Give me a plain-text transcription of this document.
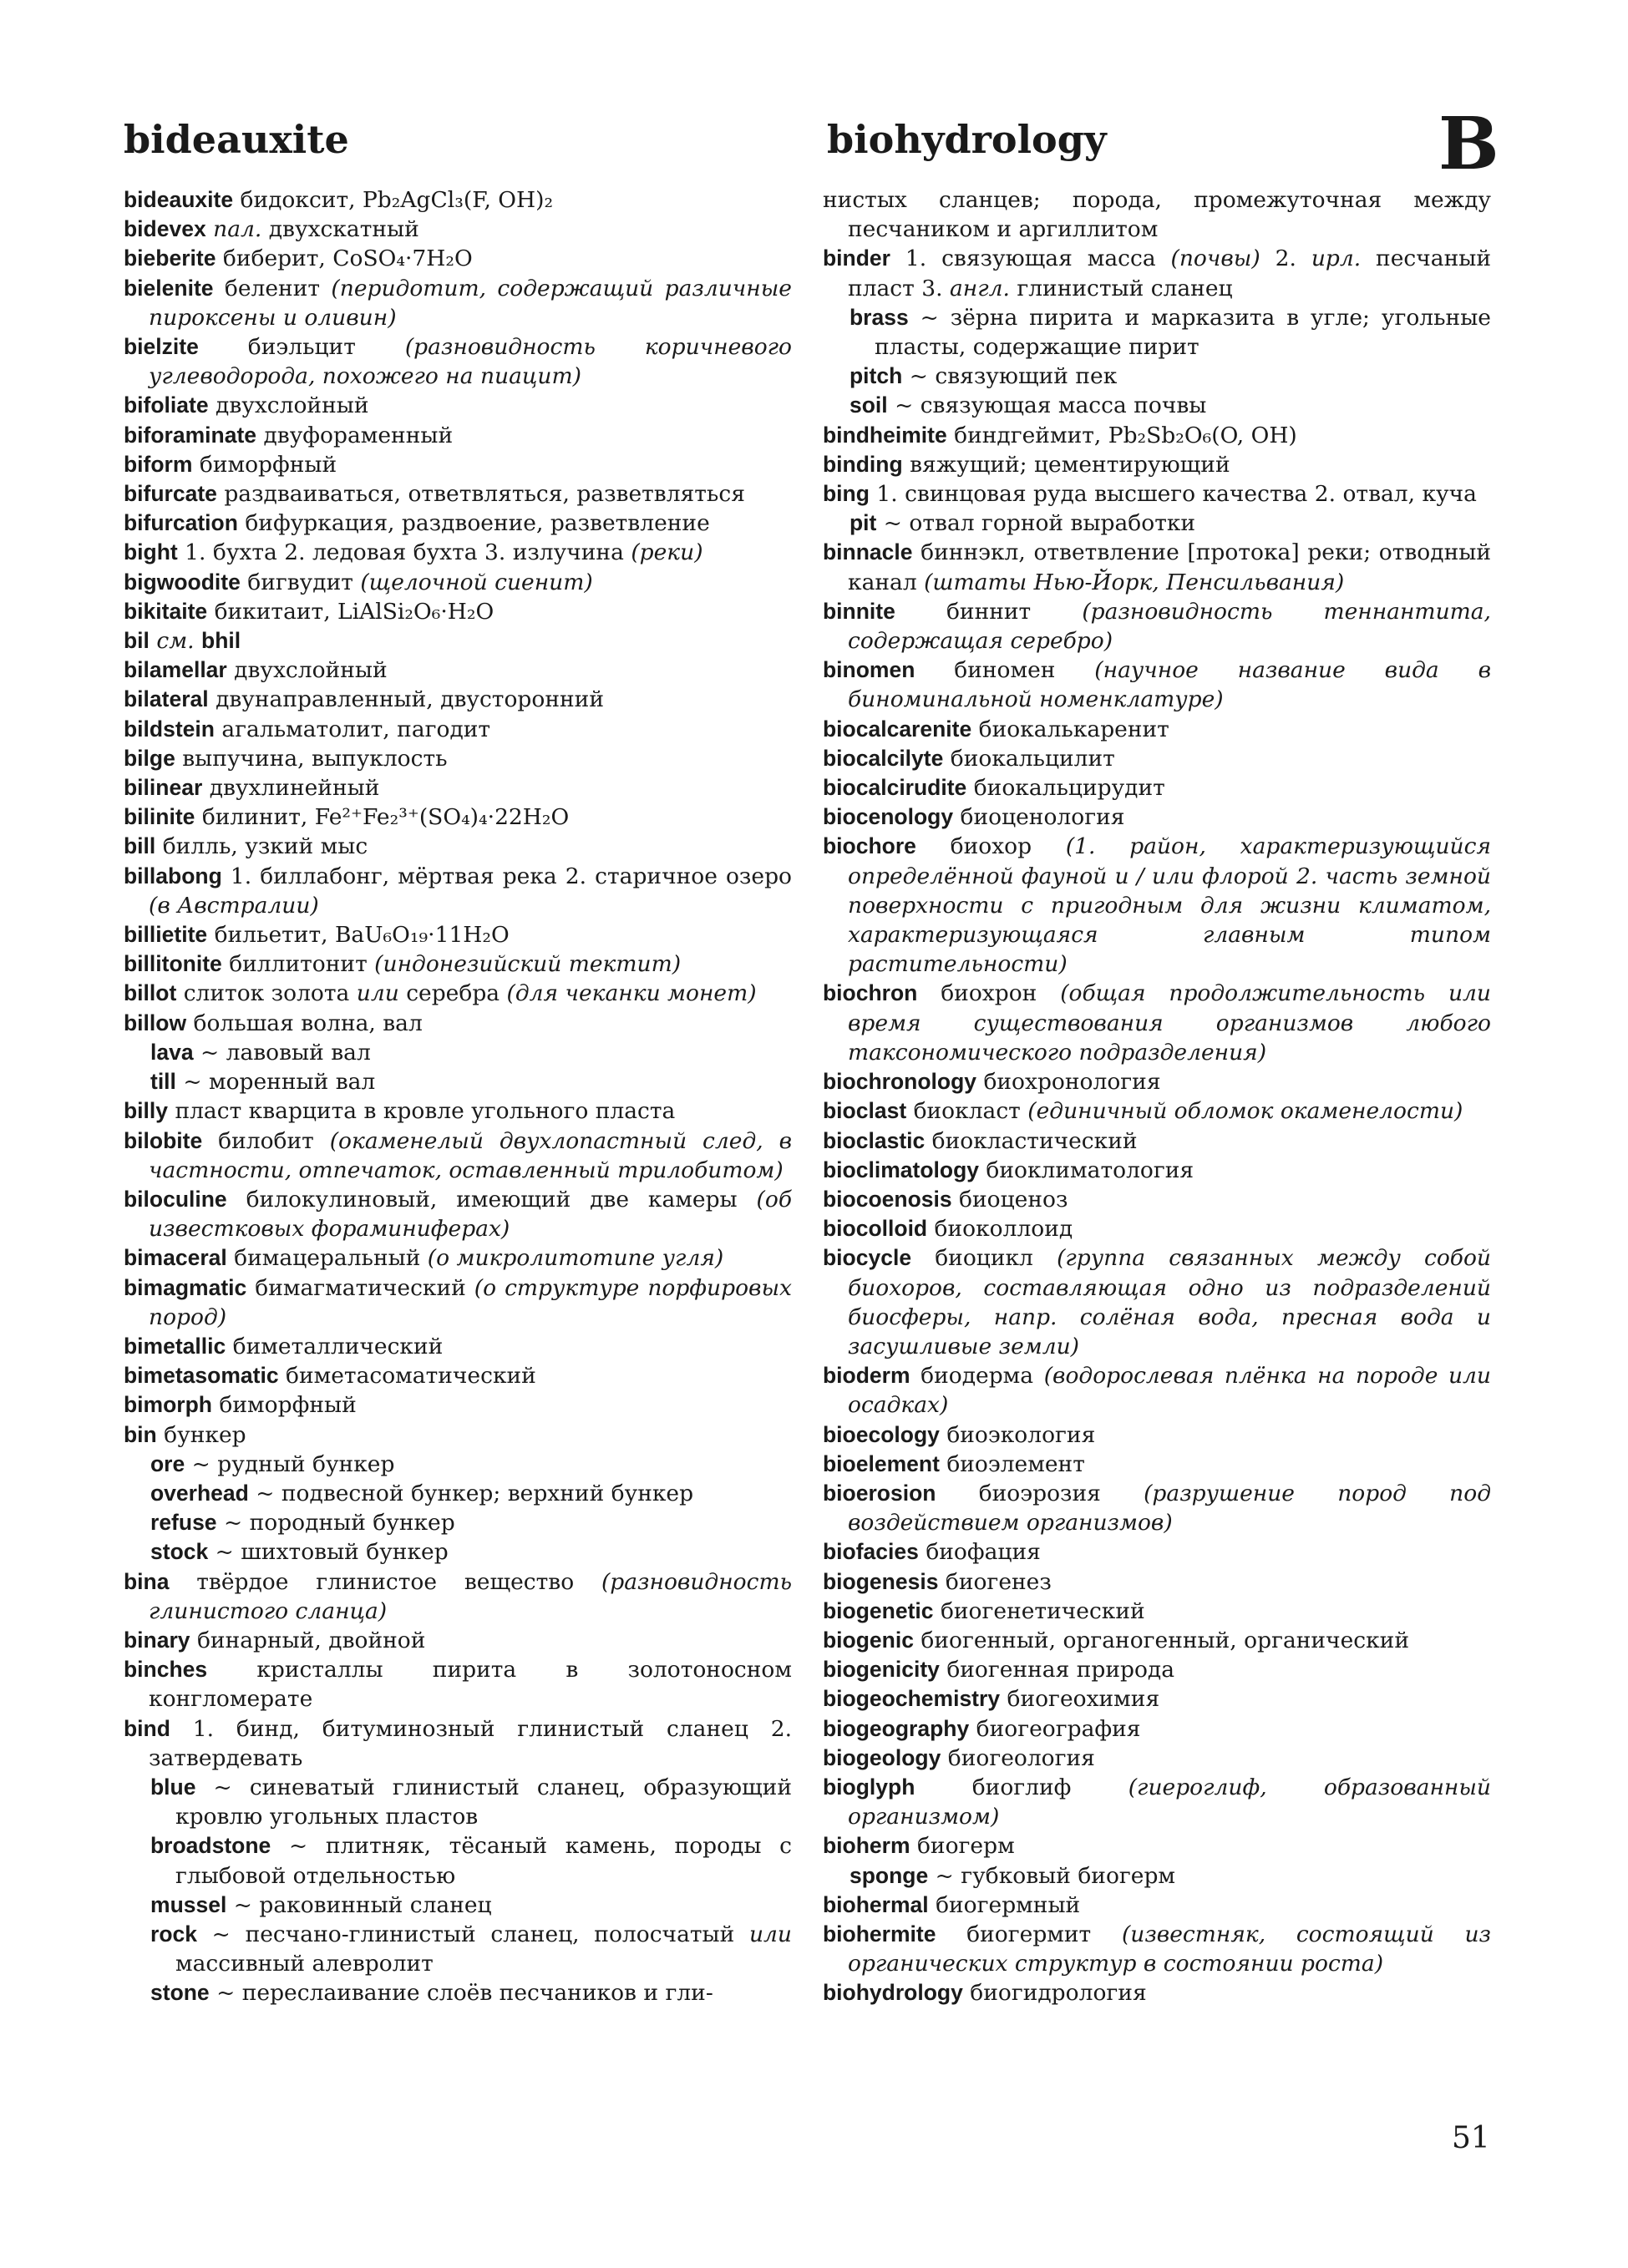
bideauxite	biohydrology	B
bideauxite бидоксит, Pb₂AgCl₃(F, OH)₂
bidevex пал. двухскатный
bieberite биберит, CoSO₄·7H₂O
bielenite беленит (перидотит, содержащий различные пироксены и оливин)
bielzite биэльцит (разновидность коричневого углеводорода, похожего на пиацит)
bifoliate двухслойный
biforaminate двуфораменный
biform биморфный
bifurcate раздваиваться, ответвляться, разветвляться
bifurcation бифуркация, раздвоение, разветвление
bight 1. бухта 2. ледовая бухта 3. излучина (реки)
bigwoodite бигвудит (щелочной сиенит)
bikitaite бикитаит, LiAlSi₂O₆·H₂O
bil см. bhil
bilamellar двухслойный
bilateral двунаправленный, двусторонний
bildstein агальматолит, пагодит
bilge выпучина, выпуклость
bilinear двухлинейный
bilinite билинит, Fe²⁺Fe₂³⁺(SO₄)₄·22H₂O
bill билль, узкий мыс
billabong 1. биллабонг, мёртвая река 2. старичное озеро (в Австралии)
billietite бильетит, BaU₆O₁₉·11H₂O
billitonite биллитонит (индонезийский тектит)
billot слиток золота или серебра (для чеканки монет)
billow большая волна, вал
lava ~ лавовый вал
till ~ моренный вал
billy пласт кварцита в кровле угольного пласта
bilobite билобит (окаменелый двухлопастный след, в частности, отпечаток, оставленный трилобитом)
biloculine билокулиновый, имеющий две камеры (об известковых фораминиферах)
bimaceral бимацеральный (о микролитотипе угля)
bimagmatic бимагматический (о структуре порфировых пород)
bimetallic биметаллический
bimetasomatic биметасоматический
bimorph биморфный
bin бункер
ore ~ рудный бункер
overhead ~ подвесной бункер; верхний бункер
refuse ~ породный бункер
stock ~ шихтовый бункер
bina твёрдое глинистое вещество (разновидность глинистого сланца)
binary бинарный, двойной
binches кристаллы пирита в золотоносном конгломерате
bind 1. бинд, битуминозный глинистый сланец 2. затвердевать
blue ~ синеватый глинистый сланец, образующий кровлю угольных пластов
broadstone ~ плитняк, тёсаный камень, породы с глыбовой отдельностью
mussel ~ раковинный сланец
rock ~ песчано-глинистый сланец, полосчатый или массивный алевролит
stone ~ переслаивание слоёв песчаников и гли-
нистых сланцев; порода, промежуточная между песчаником и аргиллитом
binder 1. связующая масса (почвы) 2. ирл. песчаный пласт 3. англ. глинистый сланец
brass ~ зёрна пирита и марказита в угле; угольные пласты, содержащие пирит
pitch ~ связующий пек
soil ~ связующая масса почвы
bindheimite биндгеймит, Pb₂Sb₂O₆(O, OH)
binding вяжущий; цементирующий
bing 1. свинцовая руда высшего качества 2. отвал, куча
pit ~ отвал горной выработки
binnacle биннэкл, ответвление [протока] реки; отводный канал (штаты Нью-Йорк, Пенсильвания)
binnite биннит (разновидность теннантита, содержащая серебро)
binomen биномен (научное название вида в биноминальной номенклатуре)
biocalcarenite биокалькаренит
biocalcilyte биокальцилит
biocalcirudite биокальцирудит
biocenology биоценология
biochore биохор (1. район, характеризующийся определённой фауной и / или флорой 2. часть земной поверхности с пригодным для жизни климатом, характеризующаяся главным типом растительности)
biochron биохрон (общая продолжительность или время существования организмов любого таксономического подразделения)
biochronology биохронология
bioclast биокласт (единичный обломок окаменелости)
bioclastic биокластический
bioclimatology биоклиматология
biocoenosis биоценоз
biocolloid биоколлоид
biocycle биоцикл (группа связанных между собой биохоров, составляющая одно из подразделений биосферы, напр. солёная вода, пресная вода и засушливые земли)
bioderm биодерма (водорослевая плёнка на породе или осадках)
bioecology биоэкология
bioelement биоэлемент
bioerosion биоэрозия (разрушение пород под воздействием организмов)
biofacies биофация
biogenesis биогенез
biogenetic биогенетический
biogenic биогенный, органогенный, органический
biogenicity биогенная природа
biogeochemistry биогеохимия
biogeography биогеография
biogeology биогеология
bioglyph биоглиф (гиероглиф, образованный организмом)
bioherm биогерм
sponge ~ губковый биогерм
biohermal биогермный
biohermite биогермит (известняк, состоящий из органических структур в состоянии роста)
biohydrology биогидрология
51
